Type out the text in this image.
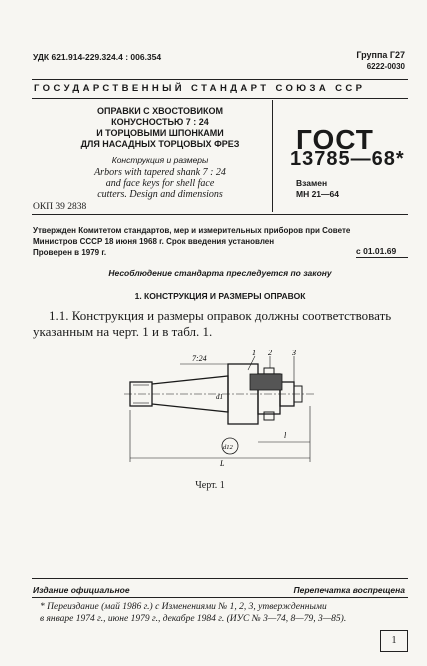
УДК 621.914-229.324.4 : 006.354	Группа Г27
6222-0030
ГОСУДАРСТВЕННЫЙ СТАНДАРТ СОЮЗА ССР
ОПРАВКИ С ХВОСТОВИКОМ
КОНУСНОСТЬЮ 7 : 24
И ТОРЦОВЫМИ ШПОНКАМИ
ДЛЯ НАСАДНЫХ ТОРЦОВЫХ ФРЕЗ
Конструкция и размеры
Arbors with tapered shank 7 : 24
and face keys for shell face
cutters. Design and dimensions
ОКП 39 2838
ГОСТ
13785—68*
Взамен
МН 21—64
Утвержден Комитетом стандартов, мер и измерительных приборов при Совете
Министров СССР 18 июня 1968 г. Срок введения установлен
Проверен в 1979 г.	с 01.01.69
Несоблюдение стандарта преследуется по закону
1. КОНСТРУКЦИЯ И РАЗМЕРЫ ОПРАВОК
1.1. Конструкция и размеры оправок должны соответствовать
указанным на черт. 1 и в табл. 1.
7:24
1 2	3
d1
l
L
d12
Черт. 1
Издание официальное	Перепечатка воспрещена
* Переиздание (май 1986 г.) с Изменениями № 1, 2, 3, утвержденными
в январе 1974 г., июне 1979 г., декабре 1984 г. (ИУС № 3—74, 8—79, 3—85).
1
